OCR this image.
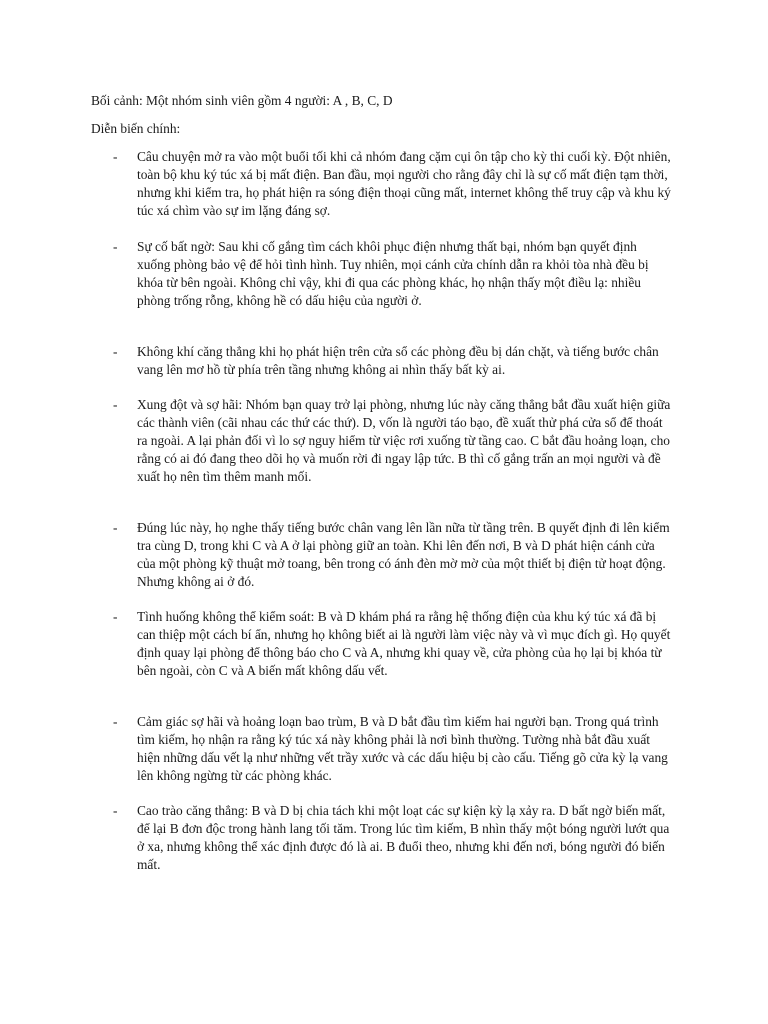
Bối cảnh: Một nhóm sinh viên gồm 4 người: A , B, C, D

Diễn biến chính:

-	Câu chuyện mở ra vào một buổi tối khi cả nhóm đang cặm cụi ôn tập cho kỳ thi cuối kỳ. Đột nhiên, toàn bộ khu ký túc xá bị mất điện. Ban đầu, mọi người cho rằng đây chỉ là sự cố mất điện tạm thời, nhưng khi kiểm tra, họ phát hiện ra sóng điện thoại cũng mất, internet không thể truy cập và khu ký túc xá chìm vào sự im lặng đáng sợ.

-	Sự cố bất ngờ: Sau khi cố gắng tìm cách khôi phục điện nhưng thất bại, nhóm bạn quyết định xuống phòng bảo vệ để hỏi tình hình. Tuy nhiên, mọi cánh cửa chính dẫn ra khỏi tòa nhà đều bị khóa từ bên ngoài. Không chỉ vậy, khi đi qua các phòng khác, họ nhận thấy một điều lạ: nhiều phòng trống rỗng, không hề có dấu hiệu của người ở.

-	Không khí căng thẳng khi họ phát hiện trên cửa sổ các phòng đều bị dán chặt, và tiếng bước chân vang lên mơ hồ từ phía trên tầng nhưng không ai nhìn thấy bất kỳ ai.

-	Xung đột và sợ hãi: Nhóm bạn quay trở lại phòng, nhưng lúc này căng thẳng bắt đầu xuất hiện giữa các thành viên (cãi nhau các thứ các thứ). D, vốn là người táo bạo, đề xuất thử phá cửa sổ để thoát ra ngoài. A lại phản đối vì lo sợ nguy hiểm từ việc rơi xuống từ tầng cao. C bắt đầu hoảng loạn, cho rằng có ai đó đang theo dõi họ và muốn rời đi ngay lập tức. B thì cố gắng trấn an mọi người và đề xuất họ nên tìm thêm manh mối.

-	Đúng lúc này, họ nghe thấy tiếng bước chân vang lên lần nữa từ tầng trên. B quyết định đi lên kiểm tra cùng D, trong khi C và A ở lại phòng giữ an toàn. Khi lên đến nơi, B và D phát hiện cánh cửa của một phòng kỹ thuật mở toang, bên trong có ánh đèn mờ mờ của một thiết bị điện tử hoạt động. Nhưng không ai ở đó.

-	Tình huống không thể kiểm soát: B và D khám phá ra rằng hệ thống điện của khu ký túc xá đã bị can thiệp một cách bí ẩn, nhưng họ không biết ai là người làm việc này và vì mục đích gì. Họ quyết định quay lại phòng để thông báo cho C và A, nhưng khi quay về, cửa phòng của họ lại bị khóa từ bên ngoài, còn C và A biến mất không dấu vết.

-	Cảm giác sợ hãi và hoảng loạn bao trùm, B và D bắt đầu tìm kiếm hai người bạn. Trong quá trình tìm kiếm, họ nhận ra rằng ký túc xá này không phải là nơi bình thường. Tường nhà bắt đầu xuất hiện những dấu vết lạ như những vết trầy xước và các dấu hiệu bị cào cấu. Tiếng gõ cửa kỳ lạ vang lên không ngừng từ các phòng khác.

-	Cao trào căng thẳng: B và D bị chia tách khi một loạt các sự kiện kỳ lạ xảy ra. D bất ngờ biến mất, để lại B đơn độc trong hành lang tối tăm. Trong lúc tìm kiếm, B nhìn thấy một bóng người lướt qua ở xa, nhưng không thể xác định được đó là ai. B đuổi theo, nhưng khi đến nơi, bóng người đó biến mất.
